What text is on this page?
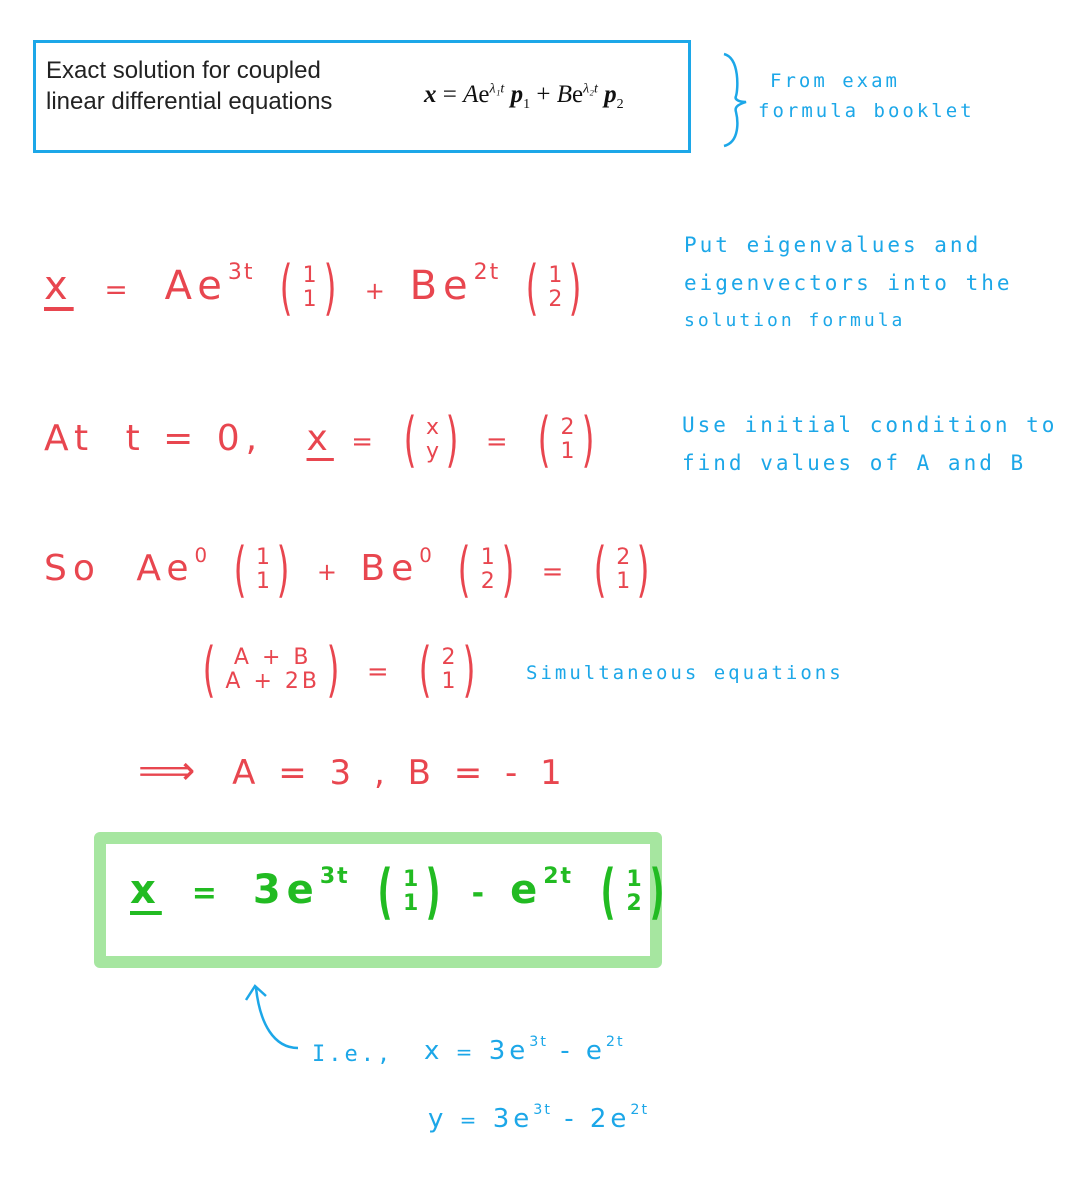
Exact solution for coupled linear differential equations	$x = Ae^{\lambda_1t}$ $p_1 + Be^{\lambda_2t}$ $p_2$
From exam
formula booklet
$x = Ae^{3t}$ ( 1
1 ) + $Be^{2t}$ ( 1
2 )
Put eigenvalues and
eigenvectors into the
solution formula
At t = 0, x = ( x
y ) = ( 2
1 )	Use initial condition to
find values of A and B
So Ae$^0$ ( 1
1 ) + $Be^0$ ( 1
2 ) = ( 2
1 )
( A + B
A + 2B ) = ( 2
1 )	Simultaneous equations
⟹ A = 3 , B = - 1
$x = 3e^{3t}$ ( 1
1 ) - $e^{2t}$ ( 1
2 )
I.e., $x = 3e^{3t} - e^{2t}$
$y = 3e^{3t} - 2e^{2t}$
